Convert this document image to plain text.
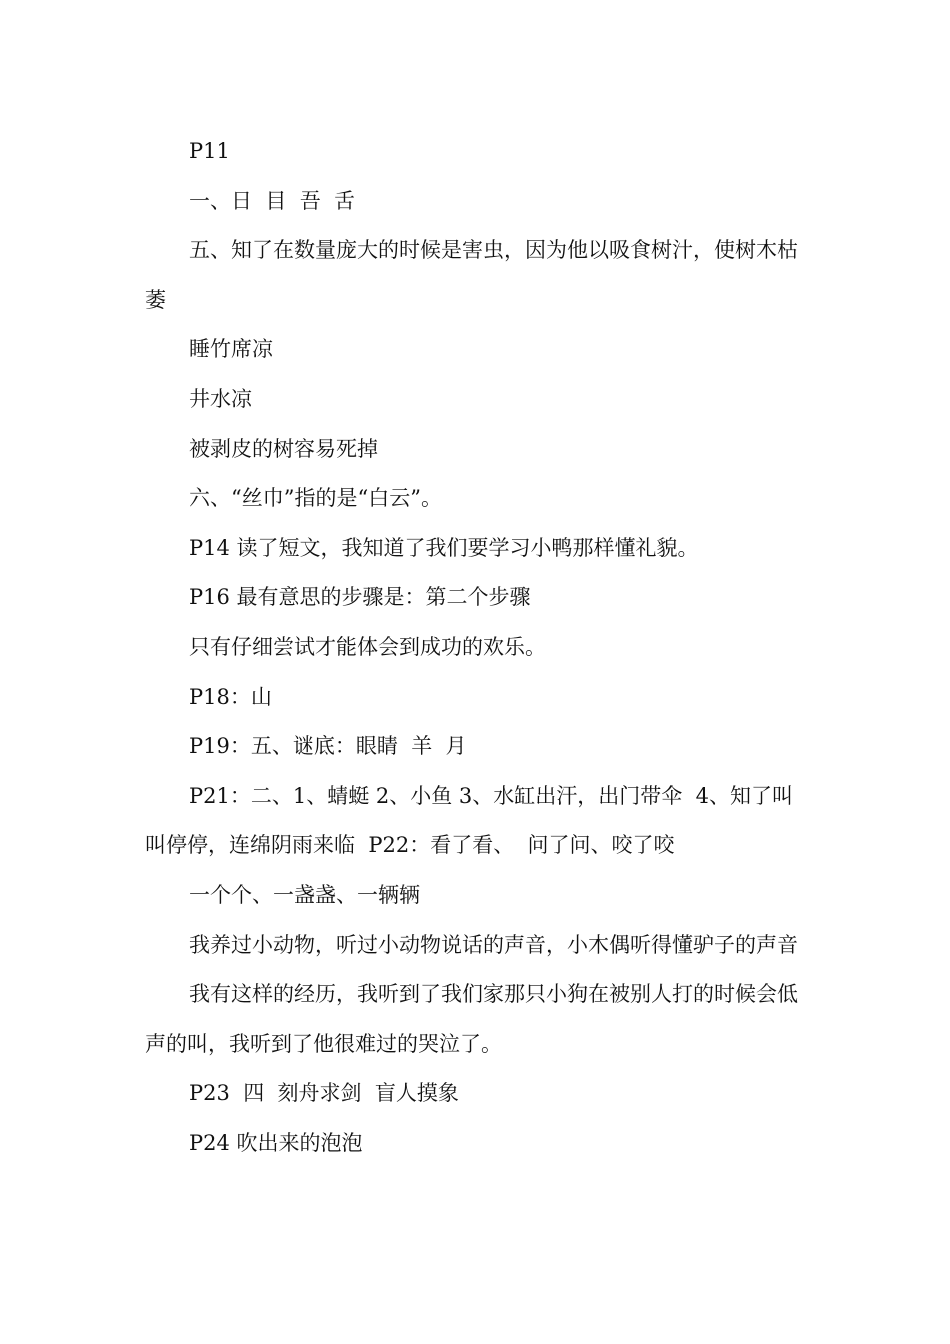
P11

一、日  目  吾  舌

五、知了在数量庞大的时候是害虫，因为他以吸食树汁，使树木枯萎

睡竹席凉

井水凉

被剥皮的树容易死掉

六、“丝巾”指的是“白云”。

P14 读了短文，我知道了我们要学习小鸭那样懂礼貌。

P16 最有意思的步骤是：第二个步骤

只有仔细尝试才能体会到成功的欢乐。

P18：山

P19：五、谜底：眼睛  羊  月

P21：二、1、蜻蜓 2、小鱼 3、水缸出汗，出门带伞  4、知了叫叫停停，连绵阴雨来临  P22：看了看、  问了问、咬了咬

一个个、一盏盏、一辆辆

我养过小动物，听过小动物说话的声音，小木偶听得懂驴子的声音

我有这样的经历，我听到了我们家那只小狗在被别人打的时候会低声的叫，我听到了他很难过的哭泣了。

P23  四  刻舟求剑  盲人摸象

P24 吹出来的泡泡
